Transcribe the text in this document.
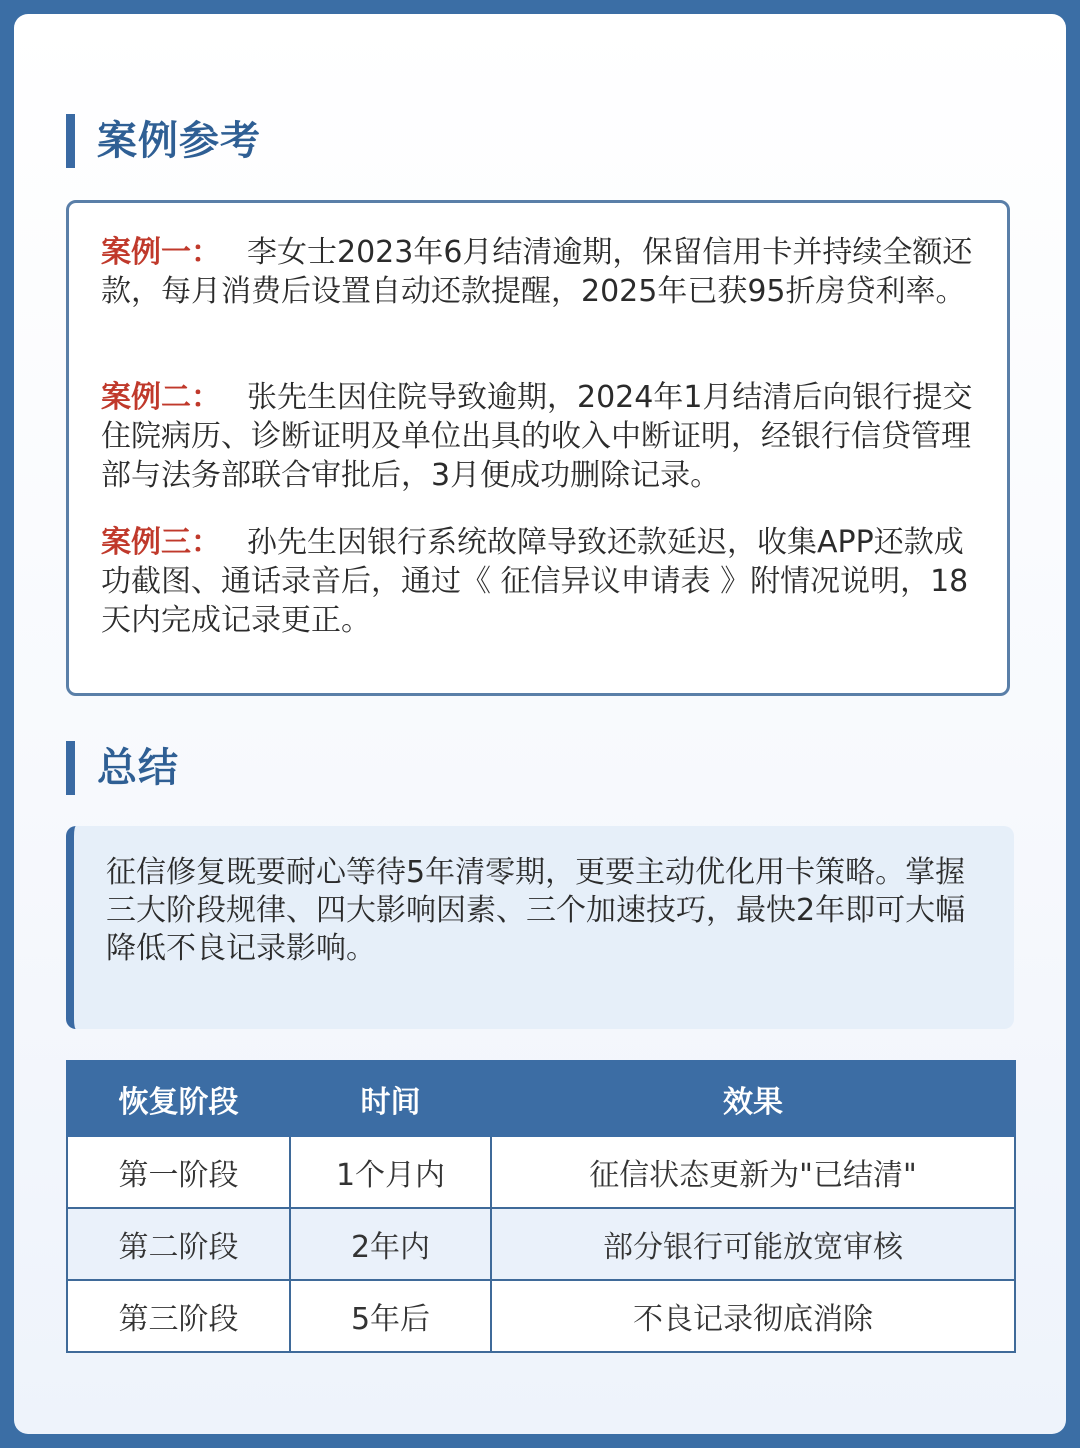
案例参考
案例一： 李女士2023年6月结清逾期，保留信用卡并持续全额还款，每月消费后设置自动还款提醒，2025年已获95折房贷利率。
案例二： 张先生因住院导致逾期，2024年1月结清后向银行提交住院病历、诊断证明及单位出具的收入中断证明，经银行信贷管理部与法务部联合审批后，3月便成功删除记录。
案例三： 孙先生因银行系统故障导致还款延迟，收集APP还款成功截图、通话录音后，通过《 征信异议申请表 》附情况说明，18天内完成记录更正。
总结
征信修复既要耐心等待5年清零期，更要主动优化用卡策略。掌握三大阶段规律、四大影响因素、三个加速技巧，最快2年即可大幅降低不良记录影响。
恢复阶段	时间	效果
第一阶段	1个月内	征信状态更新为"已结清"
第二阶段	2年内	部分银行可能放宽审核
第三阶段	5年后	不良记录彻底消除
